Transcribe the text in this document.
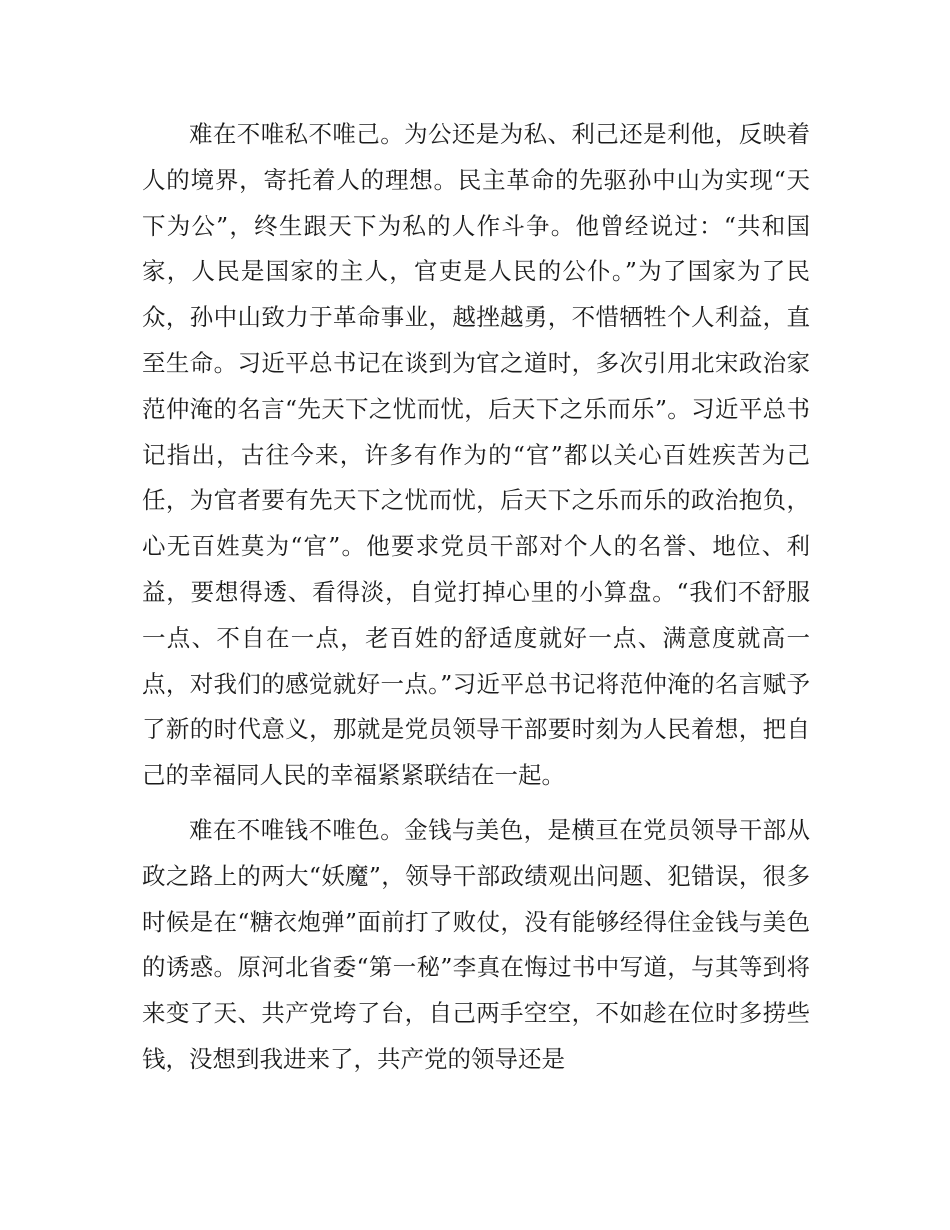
难在不唯私不唯己。为公还是为私、利己还是利他，反映着人的境界，寄托着人的理想。民主革命的先驱孙中山为实现“天下为公”，终生跟天下为私的人作斗争。他曾经说过：“共和国家，人民是国家的主人，官吏是人民的公仆。”为了国家为了民众，孙中山致力于革命事业，越挫越勇，不惜牺牲个人利益，直至生命。习近平总书记在谈到为官之道时，多次引用北宋政治家范仲淹的名言“先天下之忧而忧，后天下之乐而乐”。习近平总书记指出，古往今来，许多有作为的“官”都以关心百姓疾苦为己任，为官者要有先天下之忧而忧，后天下之乐而乐的政治抱负，心无百姓莫为“官”。他要求党员干部对个人的名誉、地位、利益，要想得透、看得淡，自觉打掉心里的小算盘。“我们不舒服一点、不自在一点，老百姓的舒适度就好一点、满意度就高一点，对我们的感觉就好一点。”习近平总书记将范仲淹的名言赋予了新的时代意义，那就是党员领导干部要时刻为人民着想，把自己的幸福同人民的幸福紧紧联结在一起。

难在不唯钱不唯色。金钱与美色，是横亘在党员领导干部从政之路上的两大“妖魔”，领导干部政绩观出问题、犯错误，很多时候是在“糖衣炮弹”面前打了败仗，没有能够经得住金钱与美色的诱惑。原河北省委“第一秘”李真在悔过书中写道，与其等到将来变了天、共产党垮了台，自己两手空空，不如趁在位时多捞些钱，没想到我进来了，共产党的领导还是
